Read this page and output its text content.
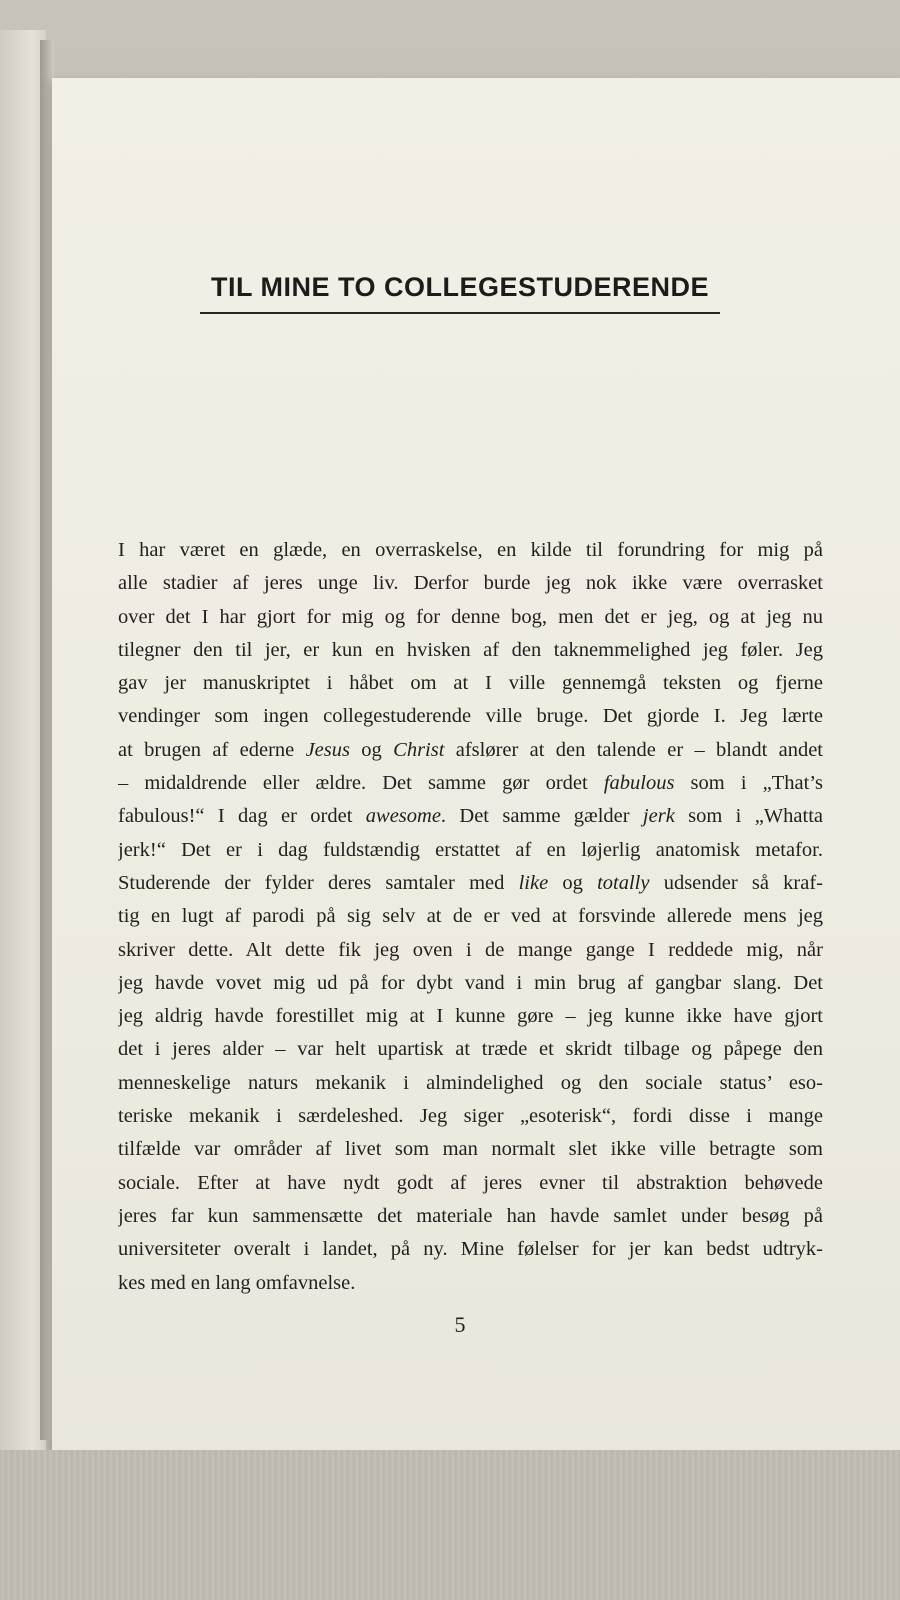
TIL MINE TO COLLEGESTUDERENDE
I har været en glæde, en overraskelse, en kilde til forundring for mig på
alle stadier af jeres unge liv. Derfor burde jeg nok ikke være overrasket
over det I har gjort for mig og for denne bog, men det er jeg, og at jeg nu
tilegner den til jer, er kun en hvisken af den taknemmelighed jeg føler. Jeg
gav jer manuskriptet i håbet om at I ville gennemgå teksten og fjerne
vendinger som ingen collegestuderende ville bruge. Det gjorde I. Jeg lærte
at brugen af ederne Jesus og Christ afslører at den talende er – blandt andet
– midaldrende eller ældre. Det samme gør ordet fabulous som i „That’s
fabulous!“ I dag er ordet awesome. Det samme gælder jerk som i „Whatta
jerk!“ Det er i dag fuldstændig erstattet af en løjerlig anatomisk metafor.
Studerende der fylder deres samtaler med like og totally udsender så kraf-
tig en lugt af parodi på sig selv at de er ved at forsvinde allerede mens jeg
skriver dette. Alt dette fik jeg oven i de mange gange I reddede mig, når
jeg havde vovet mig ud på for dybt vand i min brug af gangbar slang. Det
jeg aldrig havde forestillet mig at I kunne gøre – jeg kunne ikke have gjort
det i jeres alder – var helt upartisk at træde et skridt tilbage og påpege den
menneskelige naturs mekanik i almindelighed og den sociale status’ eso-
teriske mekanik i særdeleshed. Jeg siger „esoterisk“, fordi disse i mange
tilfælde var områder af livet som man normalt slet ikke ville betragte som
sociale. Efter at have nydt godt af jeres evner til abstraktion behøvede
jeres far kun sammensætte det materiale han havde samlet under besøg på
universiteter overalt i landet, på ny. Mine følelser for jer kan bedst udtryk-
kes med en lang omfavnelse.
5
